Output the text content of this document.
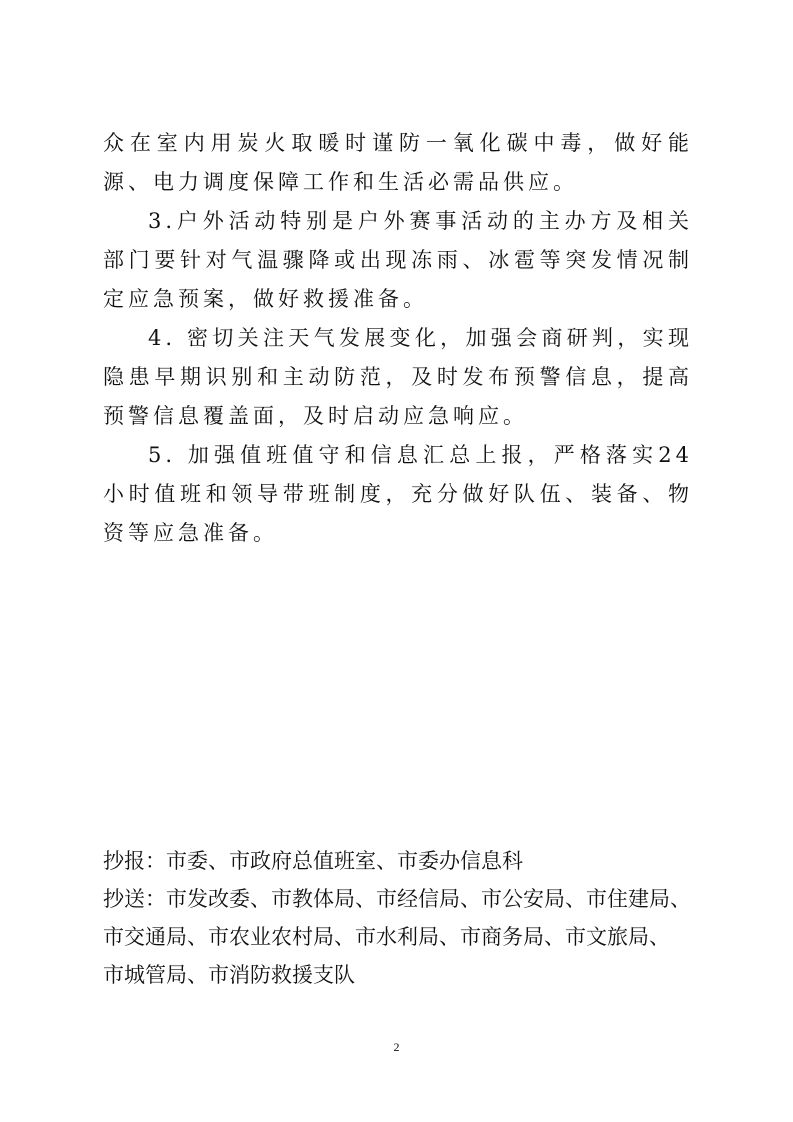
众在室内用炭火取暖时谨防一氧化碳中毒，做好能源、电力调度保障工作和生活必需品供应。

3.户外活动特别是户外赛事活动的主办方及相关部门要针对气温骤降或出现冻雨、冰雹等突发情况制定应急预案，做好救援准备。

4. 密切关注天气发展变化，加强会商研判，实现隐患早期识别和主动防范，及时发布预警信息，提高预警信息覆盖面，及时启动应急响应。

5. 加强值班值守和信息汇总上报，严格落实24小时值班和领导带班制度，充分做好队伍、装备、物资等应急准备。

抄报：市委、市政府总值班室、市委办信息科

抄送：市发改委、市教体局、市经信局、市公安局、市住建局、

市交通局、市农业农村局、市水利局、市商务局、市文旅局、

市城管局、市消防救援支队

2
